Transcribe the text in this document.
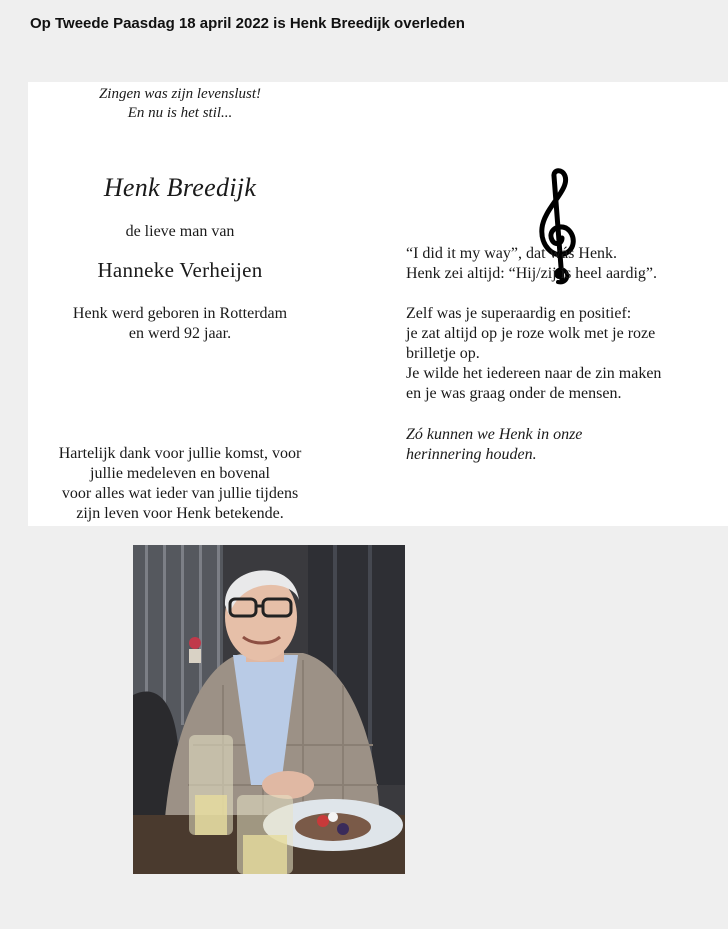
Op Tweede Paasdag 18 april 2022 is Henk Breedijk overleden
Zingen was zijn levenslust!
En nu is het stil...
Henk Breedijk
de lieve man van
Hanneke Verheijen
Henk werd geboren in Rotterdam
en werd 92 jaar.
Hartelijk dank voor jullie komst, voor
jullie medeleven en bovenal
voor alles wat ieder van jullie tijdens
zijn leven voor Henk betekende.
“I did it my way”, dat wás Henk.
Henk zei altijd: “Hij/zij is heel aardig”.
Zelf was je superaardig en positief:
je zat altijd op je roze wolk met je roze
brilletje op.
Je wilde het iedereen naar de zin maken
en je was graag onder de mensen.
Zó kunnen we Henk in onze
herinnering houden.
